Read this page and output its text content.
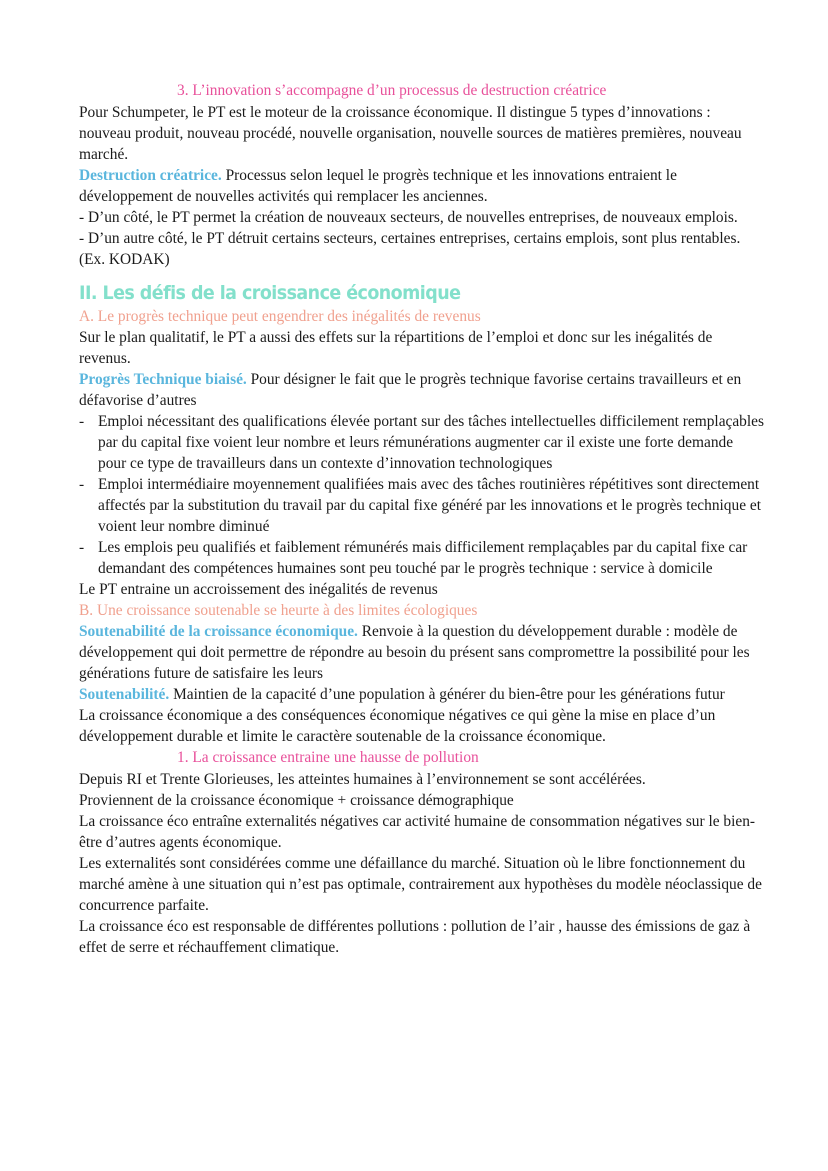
3. L’innovation s’accompagne d’un processus de destruction créatrice

Pour Schumpeter, le PT est le moteur de la croissance économique. Il distingue 5 types d’innovations : nouveau produit, nouveau procédé, nouvelle organisation, nouvelle sources de matières premières, nouveau marché.

Destruction créatrice. Processus selon lequel le progrès technique et les innovations entraient le développement de nouvelles activités qui remplacer les anciennes.

- D’un côté, le PT permet la création de nouveaux secteurs, de nouvelles entreprises, de nouveaux emplois.

- D’un autre côté, le PT détruit certains secteurs, certaines entreprises, certains emplois, sont plus rentables. (Ex. KODAK)

II. Les défis de la croissance économique

A. Le progrès technique peut engendrer des inégalités de revenus

Sur le plan qualitatif, le PT a aussi des effets sur la répartitions de l’emploi et donc sur les inégalités de revenus.

Progrès Technique biaisé. Pour désigner le fait que le progrès technique favorise certains travailleurs et en défavorise d’autres

- Emploi nécessitant des qualifications élevée portant sur des tâches intellectuelles difficilement remplaçables par du capital fixe voient leur nombre et leurs rémunérations augmenter car il existe une forte demande pour ce type de travailleurs dans un contexte d’innovation technologiques
- Emploi intermédiaire moyennement qualifiées mais avec des tâches routinières répétitives sont directement affectés par la substitution du travail par du capital fixe généré par les innovations et le progrès technique et voient leur nombre diminué
- Les emplois peu qualifiés et faiblement rémunérés mais difficilement remplaçables par du capital fixe car demandant des compétences humaines sont peu touché par le progrès technique : service à domicile

Le PT entraine un accroissement des inégalités de revenus

B. Une croissance soutenable se heurte à des limites écologiques

Soutenabilité de la croissance économique. Renvoie à la question du développement durable : modèle de développement qui doit permettre de répondre au besoin du présent sans compromettre la possibilité pour les générations future de satisfaire les leurs

Soutenabilité. Maintien de la capacité d’une population à générer du bien-être pour les générations futur

La croissance économique a des conséquences économique négatives ce qui gène la mise en place d’un développement durable et limite le caractère soutenable de la croissance économique.

1. La croissance entraine une hausse de pollution

Depuis RI et Trente Glorieuses, les atteintes humaines à l’environnement se sont accélérées.

Proviennent de la croissance économique + croissance démographique

La croissance éco entraîne externalités négatives car activité humaine de consommation négatives sur le bien-être d’autres agents économique.

Les externalités sont considérées comme une défaillance du marché. Situation où le libre fonctionnement du marché amène à une situation qui n’est pas optimale, contrairement aux hypothèses du modèle néoclassique de concurrence parfaite.

La croissance éco est responsable de différentes pollutions : pollution de l’air , hausse des émissions de gaz à effet de serre et réchauffement climatique.
